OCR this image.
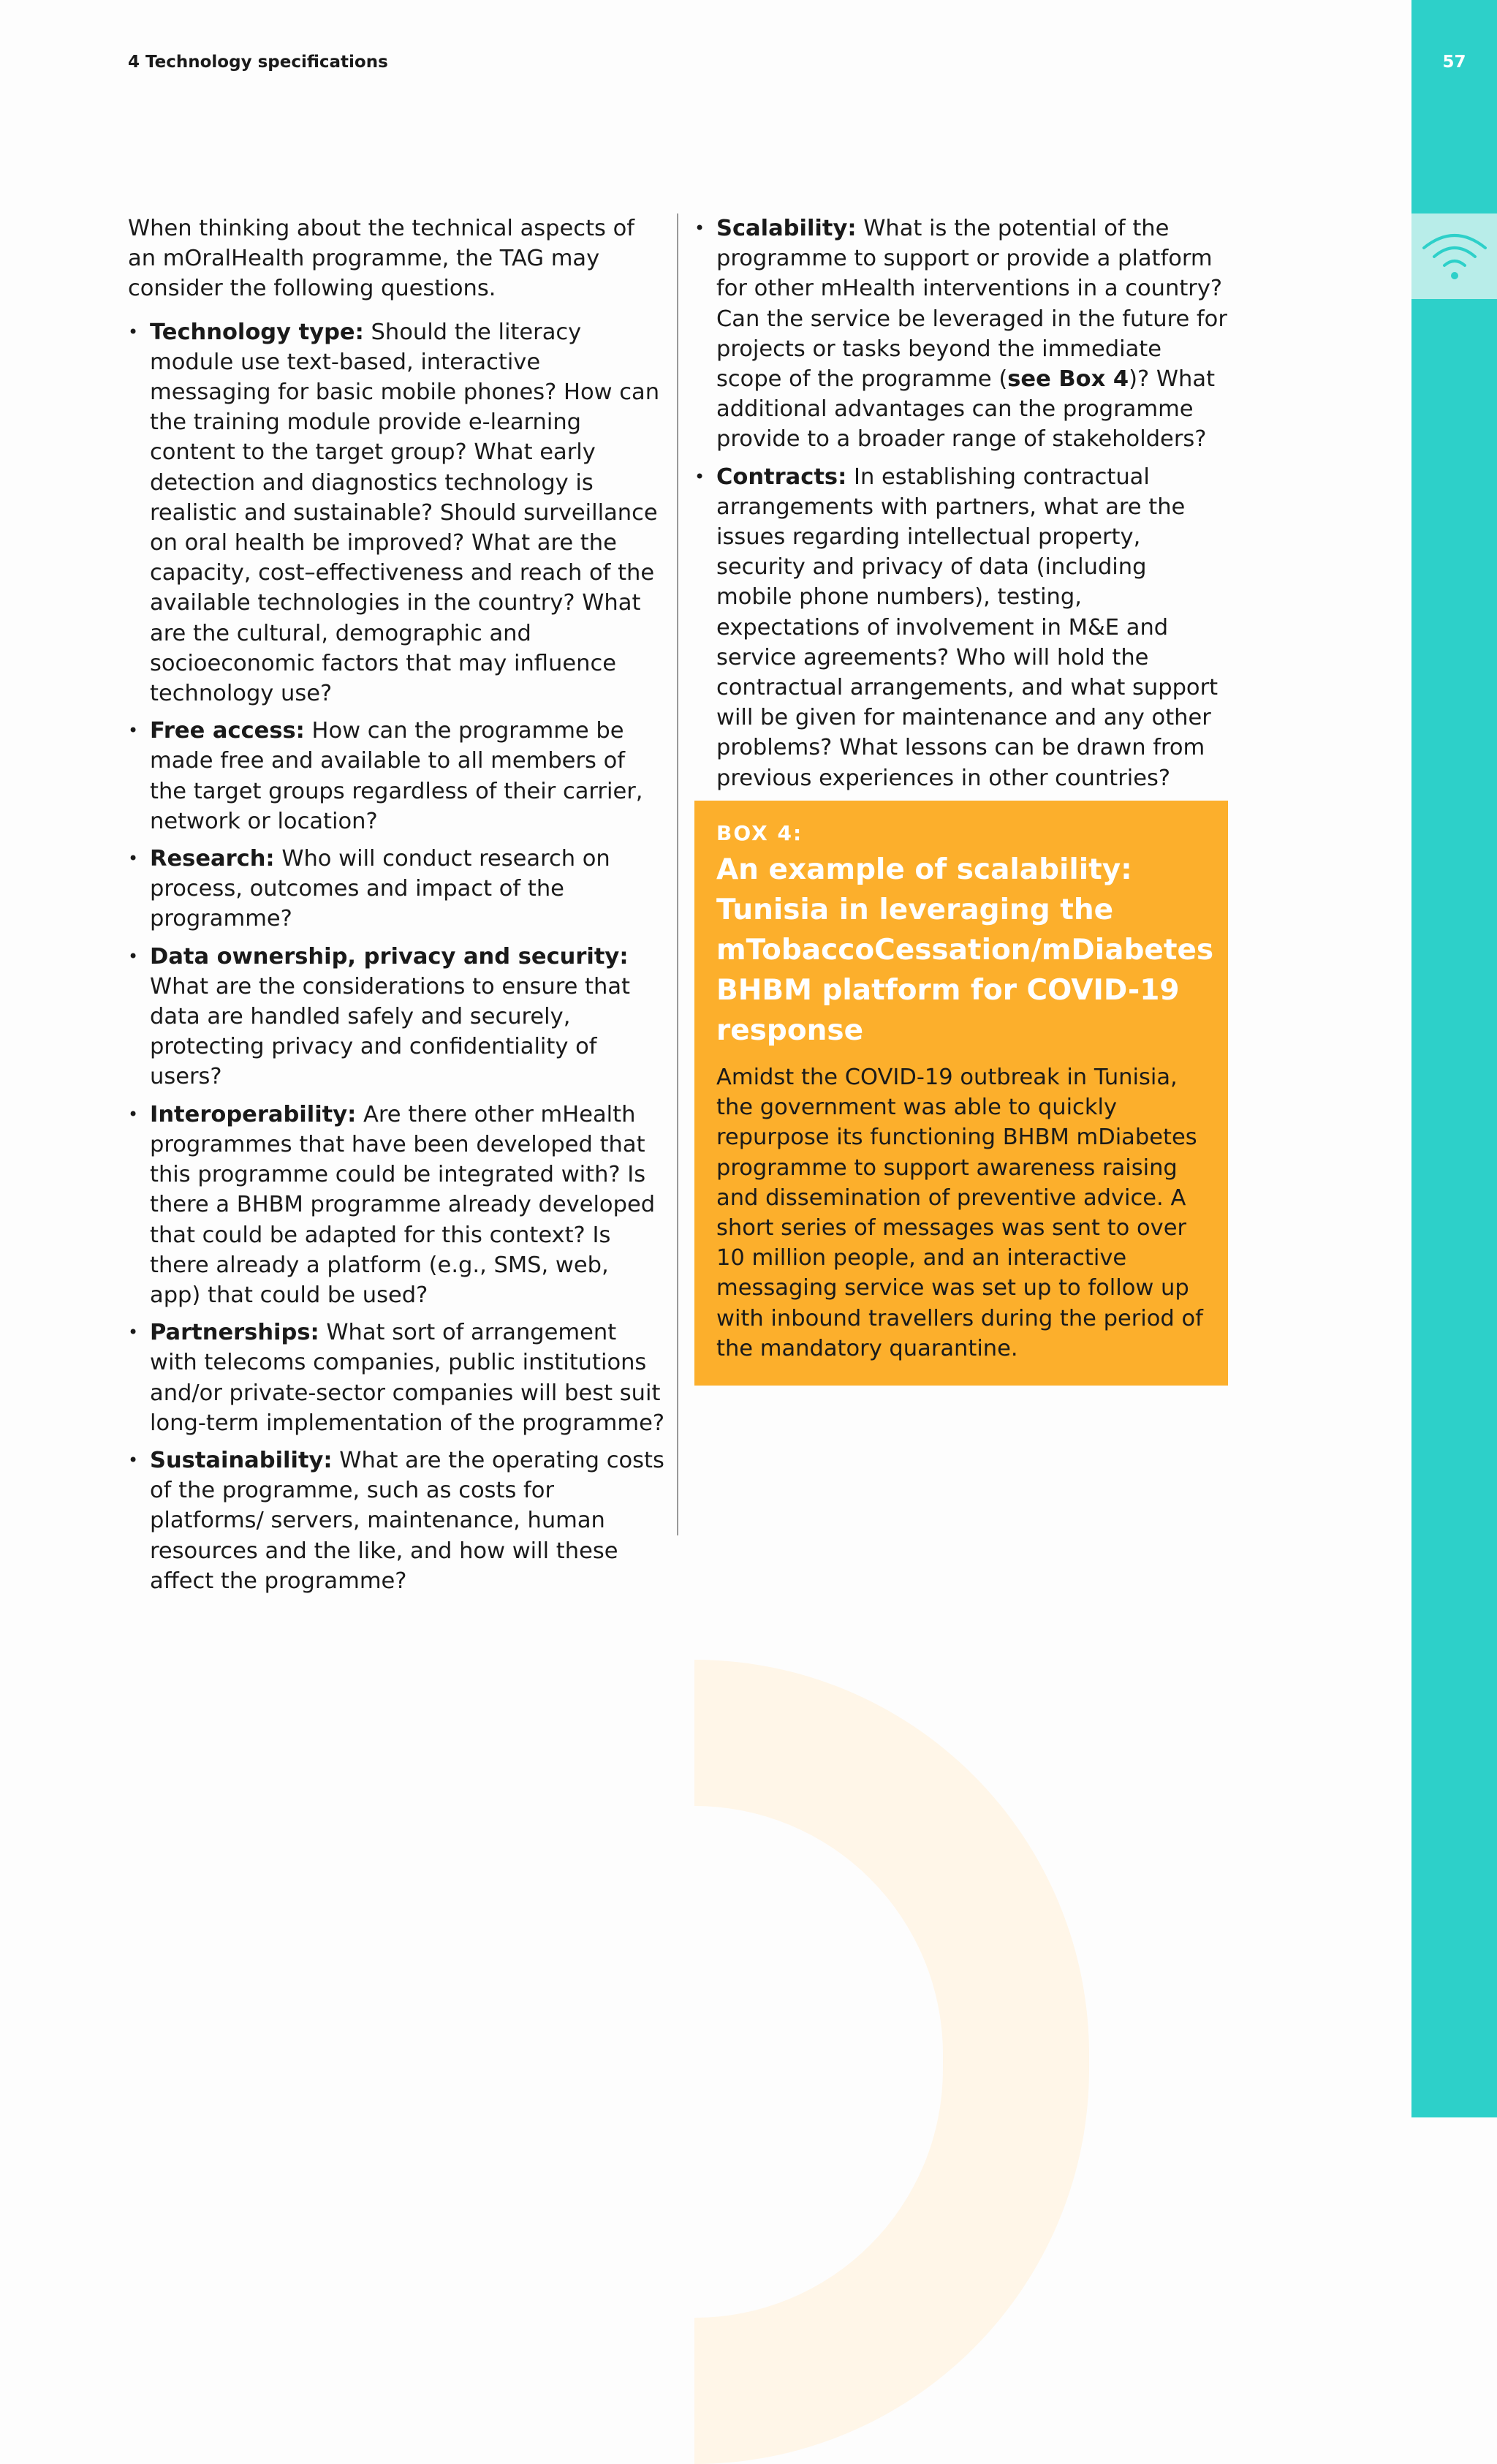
57
4 Technology specifications

When thinking about the technical aspects of an mOralHealth programme, the TAG may consider the following questions.

• Technology type: Should the literacy module use text-based, interactive messaging for basic mobile phones? How can the training module provide e-learning content to the target group? What early detection and diagnostics technology is realistic and sustainable? Should surveillance on oral health be improved? What are the capacity, cost–effectiveness and reach of the available technologies in the country? What are the cultural, demographic and socioeconomic factors that may influence technology use?
• Free access: How can the programme be made free and available to all members of the target groups regardless of their carrier, network or location?
• Research: Who will conduct research on process, outcomes and impact of the programme?
• Data ownership, privacy and security: What are the considerations to ensure that data are handled safely and securely, protecting privacy and confidentiality of users?
• Interoperability: Are there other mHealth programmes that have been developed that this programme could be integrated with? Is there a BHBM programme already developed that could be adapted for this context? Is there already a platform (e.g., SMS, web, app) that could be used?
• Partnerships: What sort of arrangement with telecoms companies, public institutions and/or private-sector companies will best suit long-term implementation of the programme?
• Sustainability: What are the operating costs of the programme, such as costs for platforms/ servers, maintenance, human resources and the like, and how will these affect the programme?
• Scalability: What is the potential of the programme to support or provide a platform for other mHealth interventions in a country? Can the service be leveraged in the future for projects or tasks beyond the immediate scope of the programme (see Box 4)? What additional advantages can the programme provide to a broader range of stakeholders?
• Contracts: In establishing contractual arrangements with partners, what are the issues regarding intellectual property, security and privacy of data (including mobile phone numbers), testing, expectations of involvement in M&E and service agreements? Who will hold the contractual arrangements, and what support will be given for maintenance and any other problems? What lessons can be drawn from previous experiences in other countries?
BOX 4:
An example of scalability: Tunisia in leveraging the mTobaccoCessation/mDiabetes BHBM platform for COVID-19 response

Amidst the COVID-19 outbreak in Tunisia, the government was able to quickly repurpose its functioning BHBM mDiabetes programme to support awareness raising and dissemination of preventive advice. A short series of messages was sent to over 10 million people, and an interactive messaging service was set up to follow up with inbound travellers during the period of the mandatory quarantine.
